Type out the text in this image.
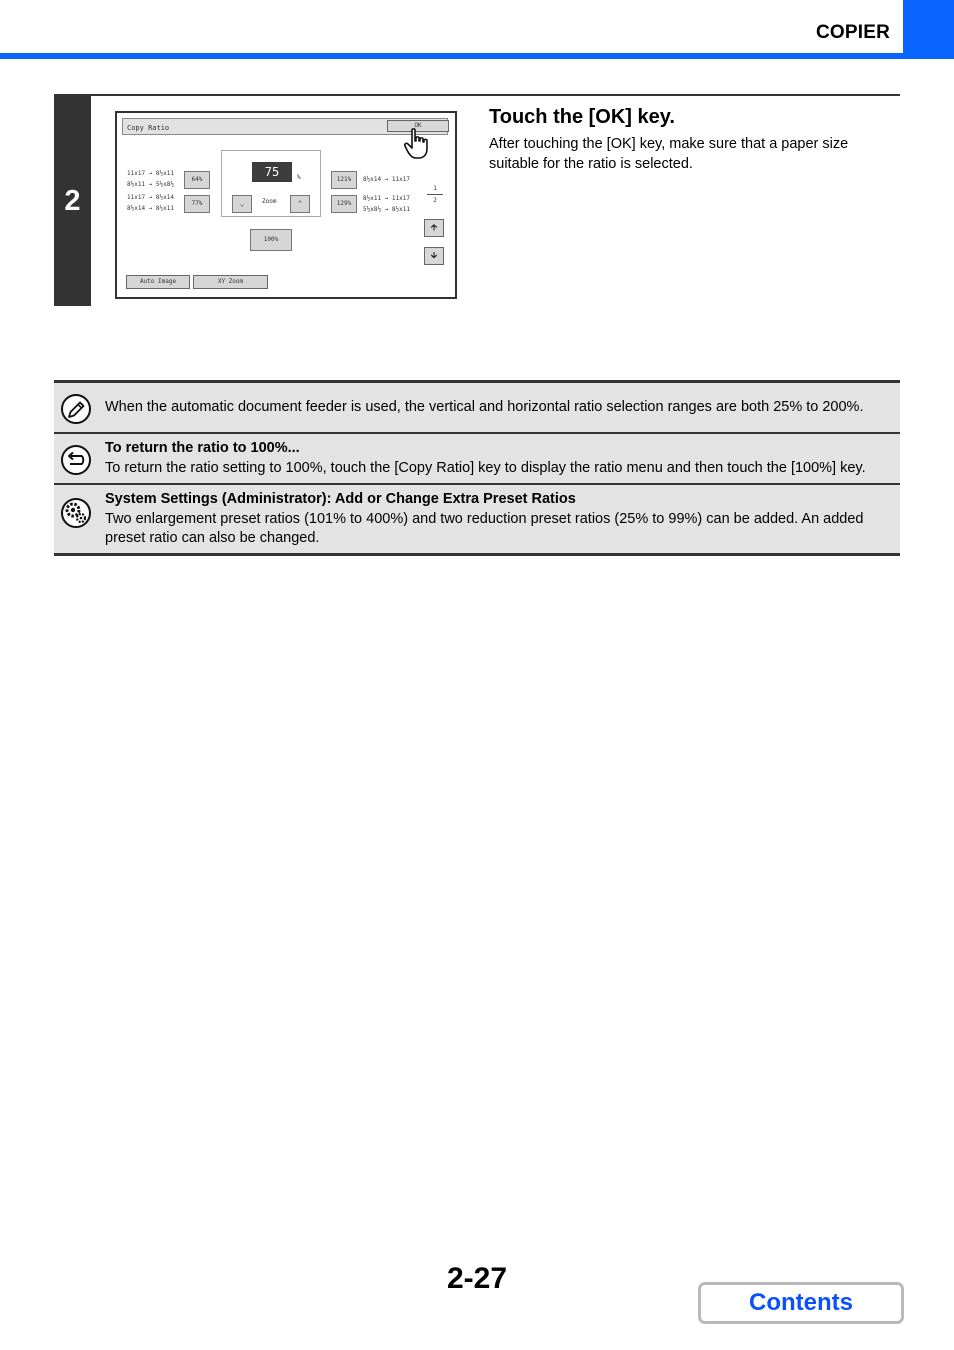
COPIER
2
Touch the [OK] key.
After touching the [OK] key, make sure that a paper size suitable for the ratio is selected.
Copy Ratio	OK
11x17 → 8½x11
8½x11 → 5½x8½
64%
11x17 → 8½x14
8½x14 → 8½x11
77%
75	%
⌄	Zoom	⌃
121%	8½x14 → 11x17
129%
8½x11 → 11x17
5½x8½ → 8½x11
100%
1
2
🡱
🡳
Auto Image	XY Zoom
When the automatic document feeder is used, the vertical and horizontal ratio selection ranges are both 25% to 200%.
To return the ratio to 100%...
To return the ratio setting to 100%, touch the [Copy Ratio] key to display the ratio menu and then touch the [100%] key.
System Settings (Administrator): Add or Change Extra Preset Ratios
Two enlargement preset ratios (101% to 400%) and two reduction preset ratios (25% to 99%) can be added. An added preset ratio can also be changed.
2-27
Contents
